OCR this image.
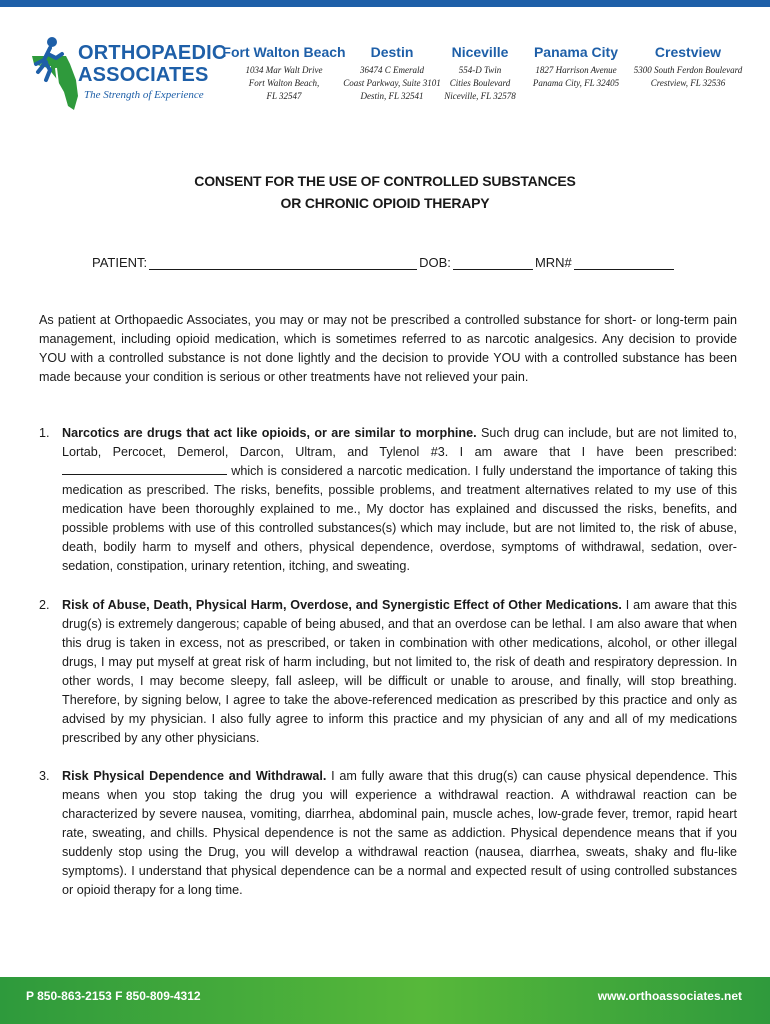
ORTHOPAEDIC
ASSOCIATES
The Strength of Experience
Fort Walton Beach
1034 Mar Walt Drive
Fort Walton Beach,
FL 32547
Destin
36474 C Emerald
Coast Parkway, Suite 3101
Destin, FL 32541
Niceville
554-D Twin
Cities Boulevard
Niceville, FL 32578
Panama City
1827 Harrison Avenue
Panama City, FL 32405
Crestview
5300 South Ferdon Boulevard
Crestview, FL 32536
CONSENT FOR THE USE OF CONTROLLED SUBSTANCES
OR CHRONIC OPIOID THERAPY
PATIENT:	DOB:	MRN#

As patient at Orthopaedic Associates, you may or may not be prescribed a controlled substance for short- or long-term pain management, including opioid medication, which is sometimes referred to as narcotic analgesics. Any decision to provide YOU with a controlled substance is not done lightly and the decision to provide YOU with a controlled substance has been made because your condition is serious or other treatments have not relieved your pain.

1. Narcotics are drugs that act like opioids, or are similar to morphine. Such drug can include, but are not limited to, Lortab, Percocet, Demerol, Darcon, Ultram, and Tylenol #3. I am aware that I have been prescribed:  which is considered a narcotic medication. I fully understand the importance of taking this medication as prescribed. The risks, benefits, possible problems, and treatment alternatives related to my use of this medication have been thoroughly explained to me., My doctor has explained and discussed the risks, benefits, and possible problems with use of this controlled substances(s) which may include, but are not limited to, the risk of abuse, death, bodily harm to myself and others, physical dependence, overdose, symptoms of withdrawal, sedation, over-sedation, constipation, urinary retention, itching, and sweating.
2. Risk of Abuse, Death, Physical Harm, Overdose, and Synergistic Effect of Other Medications. I am aware that this drug(s) is extremely dangerous; capable of being abused, and that an overdose can be lethal. I am also aware that when this drug is taken in excess, not as prescribed, or taken in combination with other medications, alcohol, or other illegal drugs, I may put myself at great risk of harm including, but not limited to, the risk of death and respiratory depression. In other words, I may become sleepy, fall asleep, will be difficult or unable to arouse, and finally, will stop breathing. Therefore, by signing below, I agree to take the above-referenced medication as prescribed by this practice and only as advised by my physician. I also fully agree to inform this practice and my physician of any and all of my medications prescribed by any other physicians.
3. Risk Physical Dependence and Withdrawal. I am fully aware that this drug(s) can cause physical dependence. This means when you stop taking the drug you will experience a withdrawal reaction. A withdrawal reaction can be characterized by severe nausea, vomiting, diarrhea, abdominal pain, muscle aches, low-grade fever, tremor, rapid heart rate, sweating, and chills. Physical dependence is not the same as addiction. Physical dependence means that if you suddenly stop using the Drug, you will develop a withdrawal reaction (nausea, diarrhea, sweats, shaky and flu-like symptoms). I understand that physical dependence can be a normal and expected result of using controlled substances or opioid therapy for a long time.
P 850-863-2153 F 850-809-4312	www.orthoassociates.net
